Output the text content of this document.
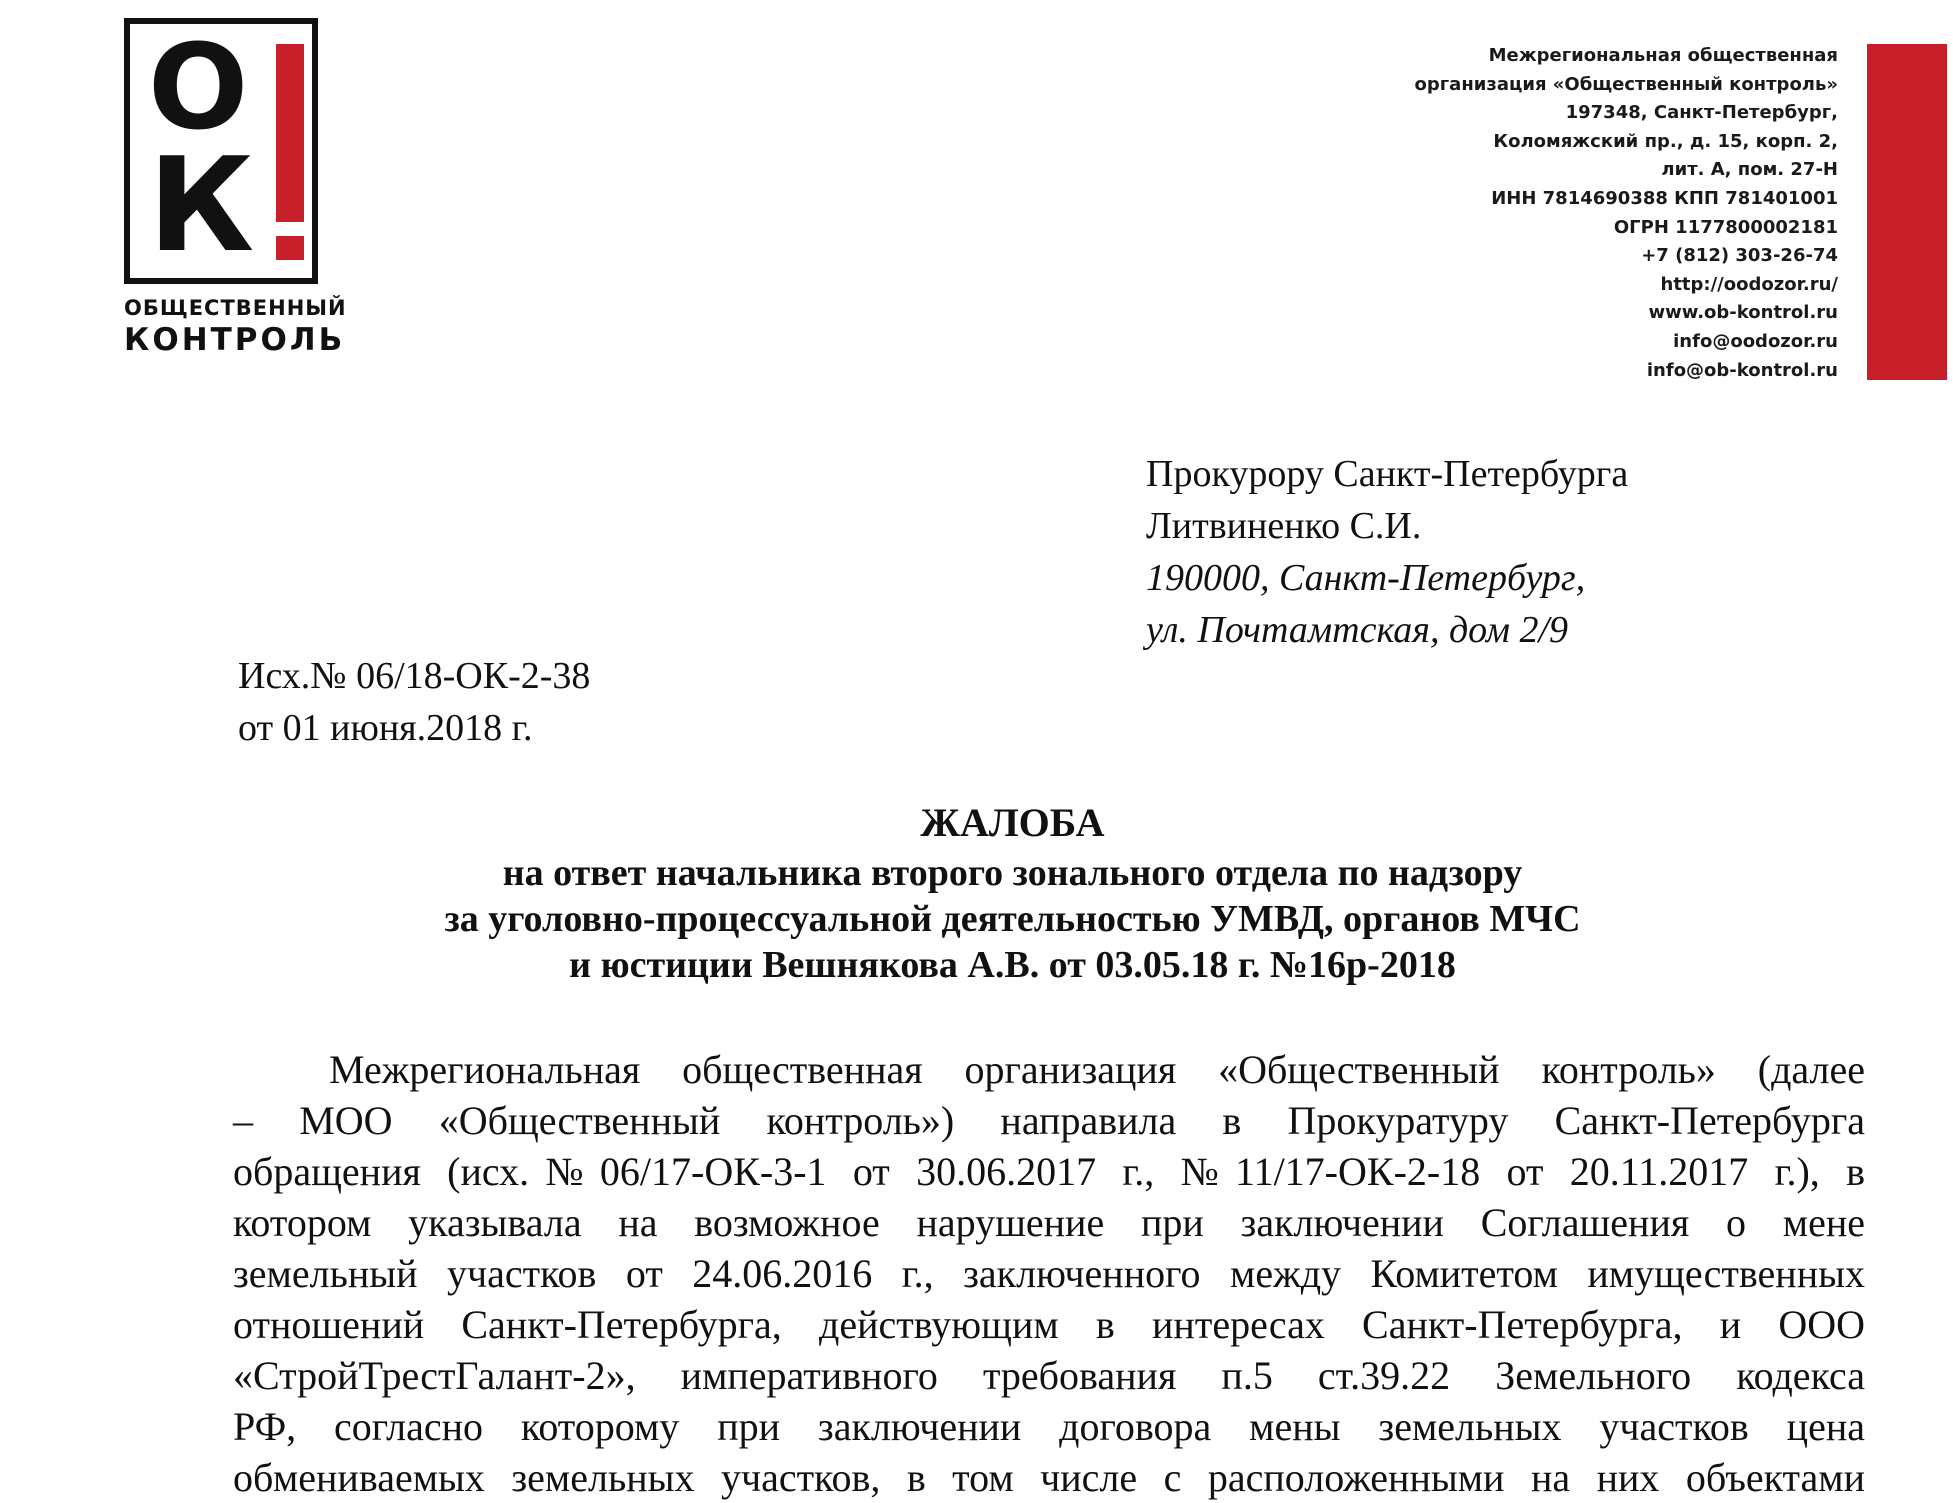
О
К
ОБЩЕСТВЕННЫЙ
КОНТРОЛЬ
Межрегиональная общественная
организация «Общественный контроль»
197348, Санкт-Петербург,
Коломяжский пр., д. 15, корп. 2,
лит. А, пом. 27-Н
ИНН 7814690388 КПП 781401001
ОГРН 1177800002181
+7 (812) 303-26-74
http://oodozor.ru/
www.ob-kontrol.ru
info@oodozor.ru
info@ob-kontrol.ru
Прокурору Санкт-Петербурга
Литвиненко С.И.
190000, Санкт-Петербург,
ул. Почтамтская, дом 2/9
Исх.№ 06/18-ОК-2-38
от 01 июня.2018 г.
ЖАЛОБА
на ответ начальника второго зонального отдела по надзору
за уголовно-процессуальной деятельностью УМВД, органов МЧС
и юстиции Вешнякова А.В. от 03.05.18 г. №16р-2018
Межрегиональная общественная организация «Общественный контроль» (далее
– МОО «Общественный контроль») направила в Прокуратуру Санкт-Петербурга
обращения (исх.№06/17-ОК-3-1 от 30.06.2017 г., №11/17-ОК-2-18 от 20.11.2017 г.), в
котором указывала на возможное нарушение при заключении Соглашения о мене
земельный участков от 24.06.2016 г., заключенного между Комитетом имущественных
отношений Санкт-Петербурга, действующим в интересах Санкт-Петербурга, и ООО
«СтройТрестГалант-2», императивного требования п.5 ст.39.22 Земельного кодекса
РФ, согласно которому при заключении договора мены земельных участков цена
обмениваемых земельных участков, в том числе с расположенными на них объектами
